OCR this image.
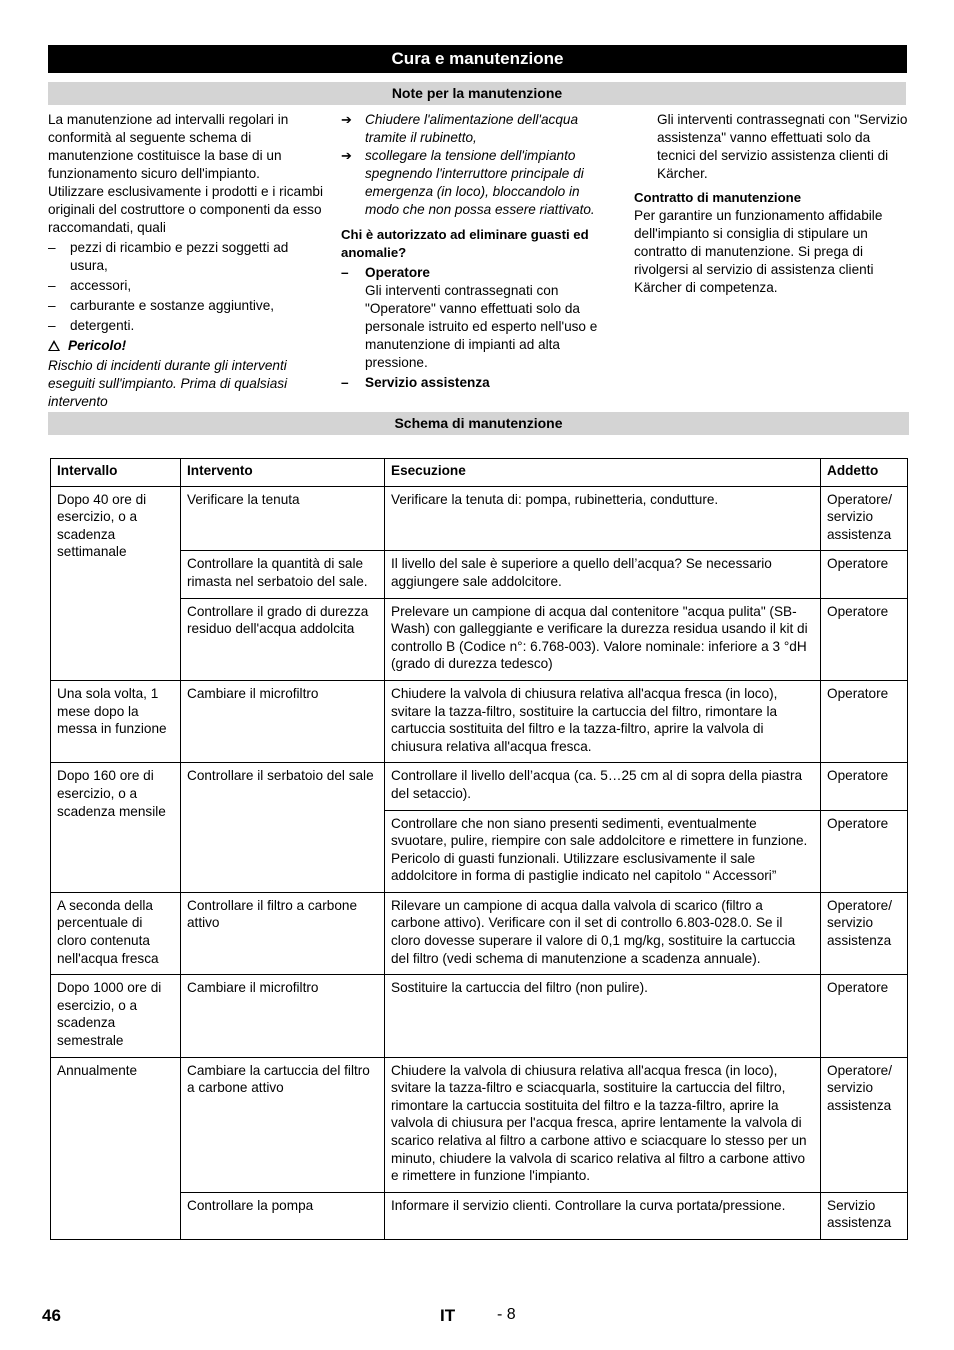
Cura e manutenzione
Note per la manutenzione

La manutenzione ad intervalli regolari in conformità al seguente schema di manutenzione costituisce la base di un funzionamento sicuro dell'impianto.

Utilizzare esclusivamente i prodotti e i ricambi originali del costruttore o componenti da esso raccomandati, quali

– pezzi di ricambio e pezzi soggetti ad usura,
– accessori,
– carburante e sostanze aggiuntive,
– detergenti.
Pericolo!

Rischio di incidenti durante gli interventi eseguiti sull'impianto. Prima di qualsiasi intervento

➔ Chiudere l'alimentazione dell'acqua tramite il rubinetto,
➔ scollegare la tensione dell'impianto spegnendo l'interruttore principale di emergenza (in loco), bloccandolo in modo che non possa essere riattivato.

Chi è autorizzato ad eliminare guasti ed anomalie?

– Operatore

Gli interventi contrassegnati con "Operatore" vanno effettuati solo da personale istruito ed esperto nell'uso e manutenzione di impianti ad alta pressione.

– Servizio assistenza

Gli interventi contrassegnati con "Servizio assistenza" vanno effettuati solo da tecnici del servizio assistenza clienti di Kärcher.

Contratto di manutenzione

Per garantire un funzionamento affidabile dell'impianto si consiglia di stipulare un contratto di manutenzione. Si prega di rivolgersi al servizio di assistenza clienti Kärcher di competenza.

Schema di manutenzione
Intervallo	Intervento	Esecuzione	Addetto
Dopo 40 ore di esercizio, o a scadenza settimanale	Verificare la tenuta	Verificare la tenuta di: pompa, rubinetteria, condutture.	Operatore/ servizio assistenza
	Controllare la quantità di sale rimasta nel serbatoio del sale.	Il livello del sale è superiore a quello dell’acqua? Se necessario aggiungere sale addolcitore.	Operatore
	Controllare il grado di durezza residuo dell'acqua addolcita	Prelevare un campione di acqua dal contenitore "acqua pulita" (SB-Wash) con galleggiante e verificare la durezza residua usando il kit di controllo B (Codice n°: 6.768-003). Valore nominale: inferiore a 3 °dH (grado di durezza tedesco)	Operatore
Una sola volta, 1 mese dopo la messa in funzione	Cambiare il microfiltro	Chiudere la valvola di chiusura relativa all'acqua fresca (in loco), svitare la tazza-filtro, sostituire la cartuccia del filtro, rimontare la cartuccia sostituita del filtro e la tazza-filtro, aprire la valvola di chiusura relativa all'acqua fresca.	Operatore
Dopo 160 ore di esercizio, o a scadenza mensile	Controllare il serbatoio del sale	Controllare il livello dell’acqua (ca. 5…25 cm al di sopra della piastra del setaccio).	Operatore
		Controllare che non siano presenti sedimenti, eventualmente svuotare, pulire, riempire con sale addolcitore e rimettere in funzione. Pericolo di guasti funzionali. Utilizzare esclusivamente il sale addolcitore in forma di pastiglie indicato nel capitolo “ Accessori”	Operatore
A seconda della percentuale di cloro contenuta nell'acqua fresca	Controllare il filtro a carbone attivo	Rilevare un campione di acqua dalla valvola di scarico (filtro a carbone attivo). Verificare con il set di controllo 6.803-028.0. Se il cloro dovesse superare il valore di 0,1 mg/kg, sostituire la cartuccia del filtro (vedi schema di manutenzione a scadenza annuale).	Operatore/ servizio assistenza
Dopo 1000 ore di esercizio, o a scadenza semestrale	Cambiare il microfiltro	Sostituire la cartuccia del filtro (non pulire).	Operatore
Annualmente	Cambiare la cartuccia del filtro a carbone attivo	Chiudere la valvola di chiusura relativa all'acqua fresca (in loco), svitare la tazza-filtro e sciacquarla, sostituire la cartuccia del filtro, rimontare la cartuccia sostituita del filtro e la tazza-filtro, aprire la valvola di chiusura per l'acqua fresca, aprire lentamente la valvola di scarico relativa al filtro a carbone attivo e sciacquare lo stesso per un minuto, chiudere la valvola di scarico relativa al filtro a carbone attivo e rimettere in funzione l'impianto.	Operatore/ servizio assistenza
	Controllare la pompa	Informare il servizio clienti. Controllare la curva portata/pressione.	Servizio assistenza
46	IT	- 8
